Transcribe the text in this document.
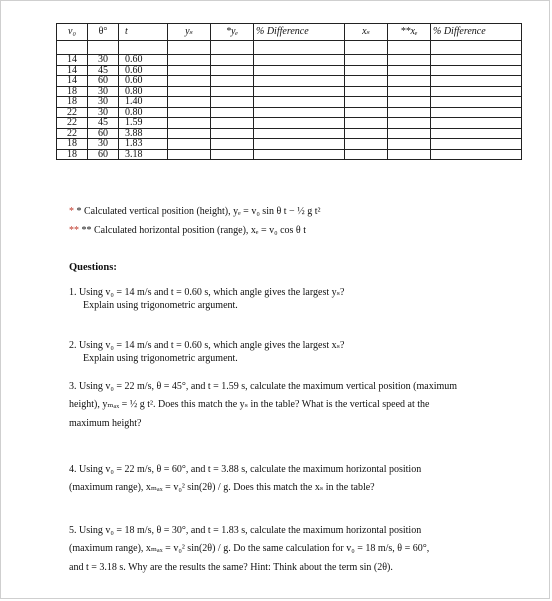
v₀	θ°	t	yₛ	*yₑ	% Difference	xₛ	**xₑ	% Difference

14	30	0.60						
14	45	0.60						
14	60	0.60						
18	30	0.80						
18	30	1.40						
22	30	0.80						
22	45	1.59						
22	60	3.88						
18	30	1.83						
18	60	3.18						
* * Calculated vertical position (height), yₑ = v₀ sin θ t − ½ g t²
** ** Calculated horizontal position (range), xₑ = v₀ cos θ t
Questions:
1. Using v₀ = 14 m/s and t = 0.60 s, which angle gives the largest yₛ?
Explain using trigonometric argument.
2. Using v₀ = 14 m/s and t = 0.60 s, which angle gives the largest xₛ?
Explain using trigonometric argument.
3. Using v₀ = 22 m/s, θ = 45°, and t = 1.59 s, calculate the maximum vertical position (maximum
height), yₘₐₓ = ½ g t². Does this match the yₛ in the table? What is the vertical speed at the
maximum height?
4. Using v₀ = 22 m/s, θ = 60°, and t = 3.88 s, calculate the maximum horizontal position
(maximum range), xₘₐₓ = v₀² sin(2θ) / g. Does this match the xₛ in the table?
5. Using v₀ = 18 m/s, θ = 30°, and t = 1.83 s, calculate the maximum horizontal position
(maximum range), xₘₐₓ = v₀² sin(2θ) / g. Do the same calculation for v₀ = 18 m/s, θ = 60°,
and t = 3.18 s. Why are the results the same? Hint: Think about the term sin (2θ).
